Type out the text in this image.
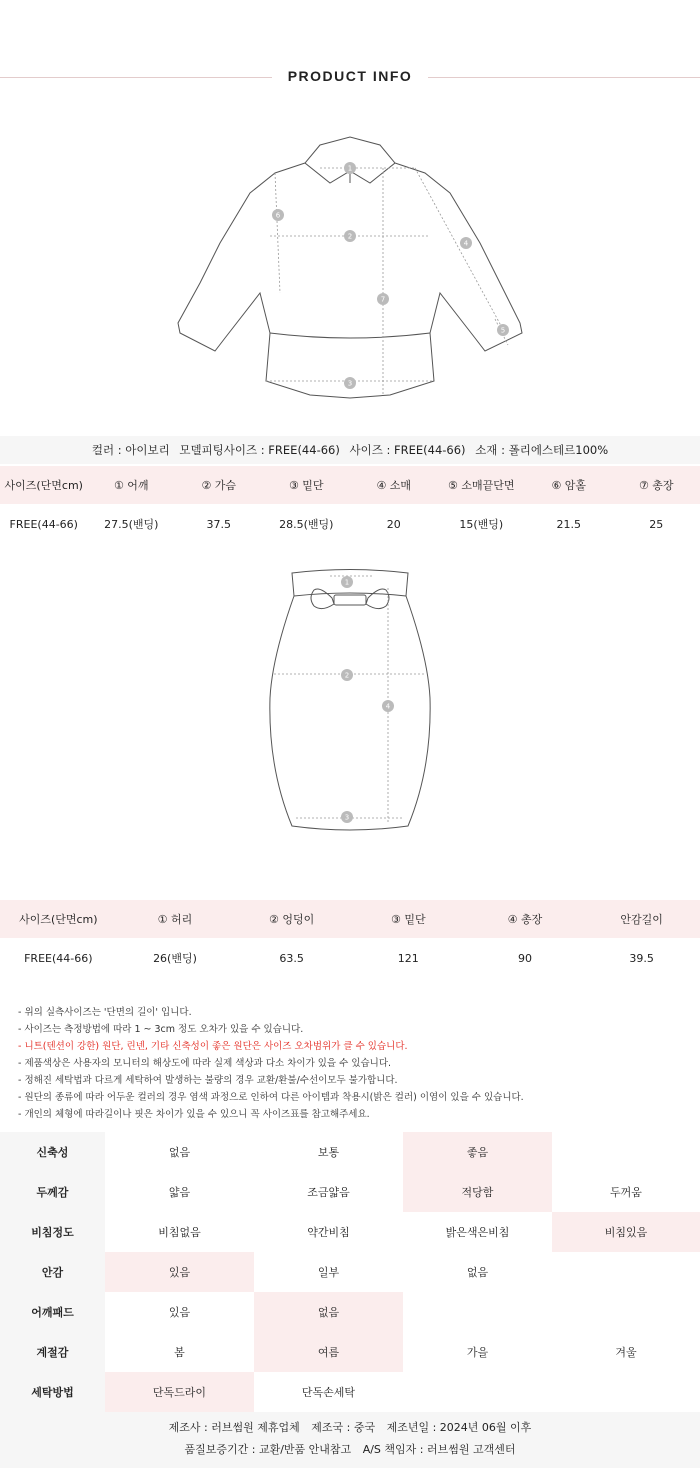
PRODUCT INFO
1
2
3
4
5
6
7
컬러 : 아이보리 모델피팅사이즈 : FREE(44-66) 사이즈 : FREE(44-66) 소재 : 폴리에스테르100%
사이즈(단면cm)	① 어깨	② 가슴	③ 밑단	④ 소매	⑤ 소매끝단면	⑥ 암홀	⑦ 총장
FREE(44-66)	27.5(밴딩)	37.5	28.5(밴딩)	20	15(밴딩)	21.5	25
1
2
3
4
사이즈(단면cm)	① 허리	② 엉덩이	③ 밑단	④ 총장	안감길이
FREE(44-66)	26(밴딩)	63.5	121	90	39.5
- 위의 실측사이즈는 '단면의 길이' 입니다.
- 사이즈는 측정방법에 따라 1 ~ 3cm 정도 오차가 있을 수 있습니다.
- 니트(텐션이 강한) 원단, 린넨, 기타 신축성이 좋은 원단은 사이즈 오차범위가 클 수 있습니다.
- 제품색상은 사용자의 모니터의 해상도에 따라 실제 색상과 다소 차이가 있을 수 있습니다.
- 정해진 세탁법과 다르게 세탁하여 발생하는 불량의 경우 교환/환불/수선이모두 불가합니다.
- 원단의 종류에 따라 어두운 컬러의 경우 염색 과정으로 인하여 다른 아이템과 착용시(밝은 컬러) 이염이 있을 수 있습니다.
- 개인의 체형에 따라길이나 핏은 차이가 있을 수 있으니 꼭 사이즈표를 참고해주세요.
신축성	없음	보통	좋음	
두께감	얇음	조금얇음	적당함	두꺼움
비침정도	비침없음	약간비침	밝은색은비침	비침있음
안감	있음	일부	없음	
어깨패드	있음	없음		
계절감	봄	여름	가을	겨울
세탁방법	단독드라이	단독손세탁		
제조사 : 러브썸원 제휴업체 제조국 : 중국 제조년일 : 2024년 06월 이후
품질보증기간 : 교환/반품 안내참고 A/S 책임자 : 러브썸원 고객센터
